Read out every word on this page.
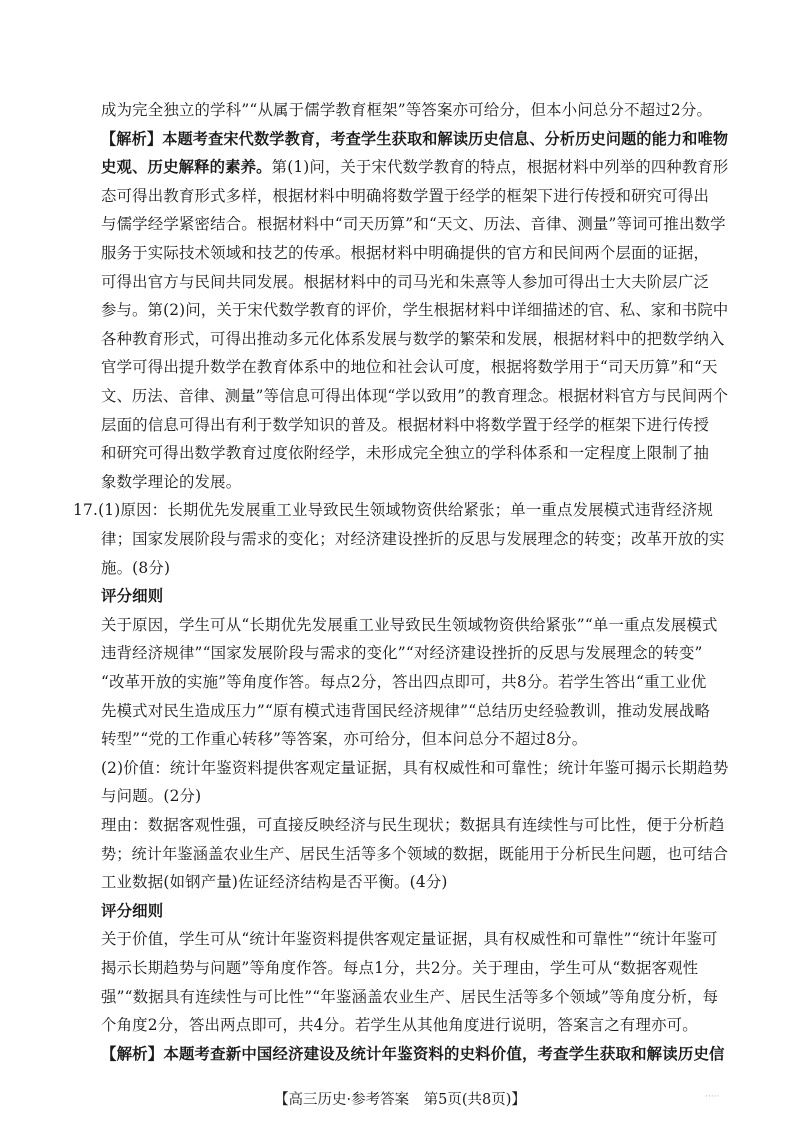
成为完全独立的学科”“从属于儒学教育框架”等答案亦可给分，但本小问总分不超过2分。
【解析】本题考查宋代数学教育，考查学生获取和解读历史信息、分析历史问题的能力和唯物
史观、历史解释的素养。第(1)问，关于宋代数学教育的特点，根据材料中列举的四种教育形
态可得出教育形式多样，根据材料中明确将数学置于经学的框架下进行传授和研究可得出
与儒学经学紧密结合。根据材料中“司天历算”和“天文、历法、音律、测量”等词可推出数学
服务于实际技术领域和技艺的传承。根据材料中明确提供的官方和民间两个层面的证据，
可得出官方与民间共同发展。根据材料中的司马光和朱熹等人参加可得出士大夫阶层广泛
参与。第(2)问，关于宋代数学教育的评价，学生根据材料中详细描述的官、私、家和书院中
各种教育形式，可得出推动多元化体系发展与数学的繁荣和发展，根据材料中的把数学纳入
官学可得出提升数学在教育体系中的地位和社会认可度，根据将数学用于“司天历算”和“天
文、历法、音律、测量”等信息可得出体现“学以致用”的教育理念。根据材料官方与民间两个
层面的信息可得出有利于数学知识的普及。根据材料中将数学置于经学的框架下进行传授
和研究可得出数学教育过度依附经学，未形成完全独立的学科体系和一定程度上限制了抽
象数学理论的发展。
17.(1)原因：长期优先发展重工业导致民生领域物资供给紧张；单一重点发展模式违背经济规
律；国家发展阶段与需求的变化；对经济建设挫折的反思与发展理念的转变；改革开放的实
施。(8分)
评分细则
关于原因，学生可从“长期优先发展重工业导致民生领域物资供给紧张”“单一重点发展模式
违背经济规律”“国家发展阶段与需求的变化”“对经济建设挫折的反思与发展理念的转变”
“改革开放的实施”等角度作答。每点2分，答出四点即可，共8分。若学生答出“重工业优
先模式对民生造成压力”“原有模式违背国民经济规律”“总结历史经验教训，推动发展战略
转型”“党的工作重心转移”等答案，亦可给分，但本问总分不超过8分。
(2)价值：统计年鉴资料提供客观定量证据，具有权威性和可靠性；统计年鉴可揭示长期趋势
与问题。(2分)
理由：数据客观性强，可直接反映经济与民生现状；数据具有连续性与可比性，便于分析趋
势；统计年鉴涵盖农业生产、居民生活等多个领域的数据，既能用于分析民生问题，也可结合
工业数据(如钢产量)佐证经济结构是否平衡。(4分)
评分细则
关于价值，学生可从“统计年鉴资料提供客观定量证据，具有权威性和可靠性”“统计年鉴可
揭示长期趋势与问题”等角度作答。每点1分，共2分。关于理由，学生可从“数据客观性
强”“数据具有连续性与可比性”“年鉴涵盖农业生产、居民生活等多个领域”等角度分析，每
个角度2分，答出两点即可，共4分。若学生从其他角度进行说明，答案言之有理亦可。
【解析】本题考查新中国经济建设及统计年鉴资料的史料价值，考查学生获取和解读历史信
【高三历史·参考答案　第5页(共8页)】	·····
